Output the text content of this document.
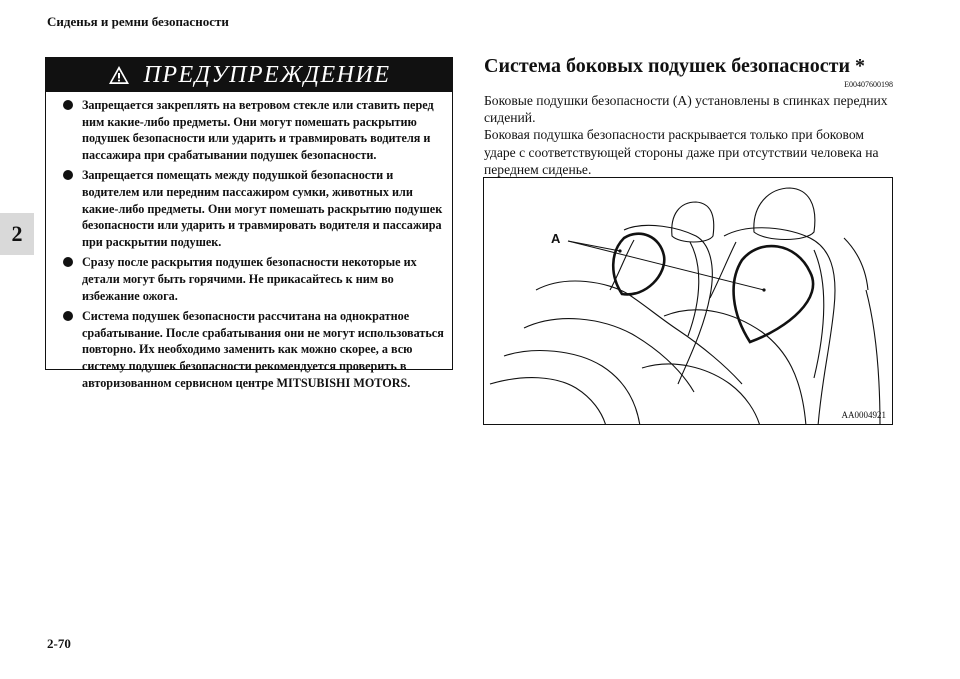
Сиденья и ремни безопасности
2
ПРЕДУПРЕЖДЕНИЕ
Запрещается закреплять на ветровом стекле или ставить перед ним какие-либо предметы. Они могут помешать раскрытию подушек безопасности или ударить и травмировать водителя и пассажира при срабатывании подушек безопасности.
Запрещается помещать между подушкой безопасности и водителем или передним пассажиром сумки, животных или какие-либо предметы. Они могут помешать раскрытию подушек безопасности или ударить и травмировать водителя и пассажира при раскрытии подушек.
Сразу после раскрытия подушек безопасности некоторые их детали могут быть горячими. Не прикасайтесь к ним во избежание ожога.
Система подушек безопасности рассчитана на однократное срабатывание. После срабатывания они не могут использоваться повторно. Их необходимо заменить как можно скорее, а всю систему подушек безопасности рекомендуется проверить в авторизованном сервисном центре MITSUBISHI MOTORS.
Система боковых подушек безопасности *
E00407600198

Боковые подушки безопасности (A) установлены в спинках передних сидений.
Боковая подушка безопасности раскрывается только при боковом ударе с соответствующей стороны даже при отсутствии человека на переднем сиденье.

A
AA0004921
2-70
